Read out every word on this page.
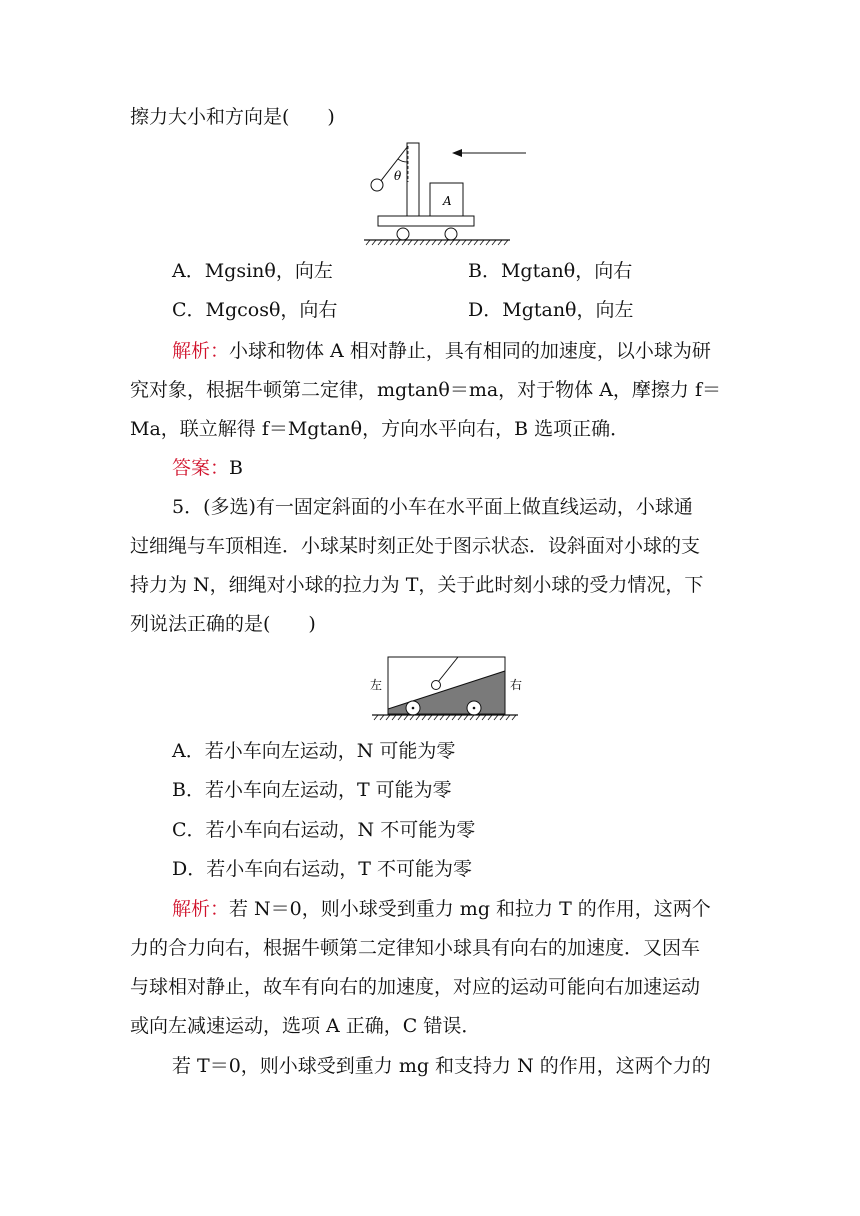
擦力大小和方向是(　　)
θ
A
A．Mgsinθ，向左	B．Mgtanθ，向右
C．Mgcosθ，向右	D．Mgtanθ，向左
解析：小球和物体 A 相对静止，具有相同的加速度，以小球为研
究对象，根据牛顿第二定律，mgtanθ＝ma，对于物体 A，摩擦力 f＝
Ma，联立解得 f＝Mgtanθ，方向水平向右，B 选项正确．
答案：B
5．(多选)有一固定斜面的小车在水平面上做直线运动，小球通
过细绳与车顶相连．小球某时刻正处于图示状态．设斜面对小球的支
持力为 N，细绳对小球的拉力为 T，关于此时刻小球的受力情况，下
列说法正确的是(　　)
左	右
A．若小车向左运动，N 可能为零
B．若小车向左运动，T 可能为零
C．若小车向右运动，N 不可能为零
D．若小车向右运动，T 不可能为零
解析：若 N＝0，则小球受到重力 mg 和拉力 T 的作用，这两个
力的合力向右，根据牛顿第二定律知小球具有向右的加速度．又因车
与球相对静止，故车有向右的加速度，对应的运动可能向右加速运动
或向左减速运动，选项 A 正确，C 错误．
若 T＝0，则小球受到重力 mg 和支持力 N 的作用，这两个力的
